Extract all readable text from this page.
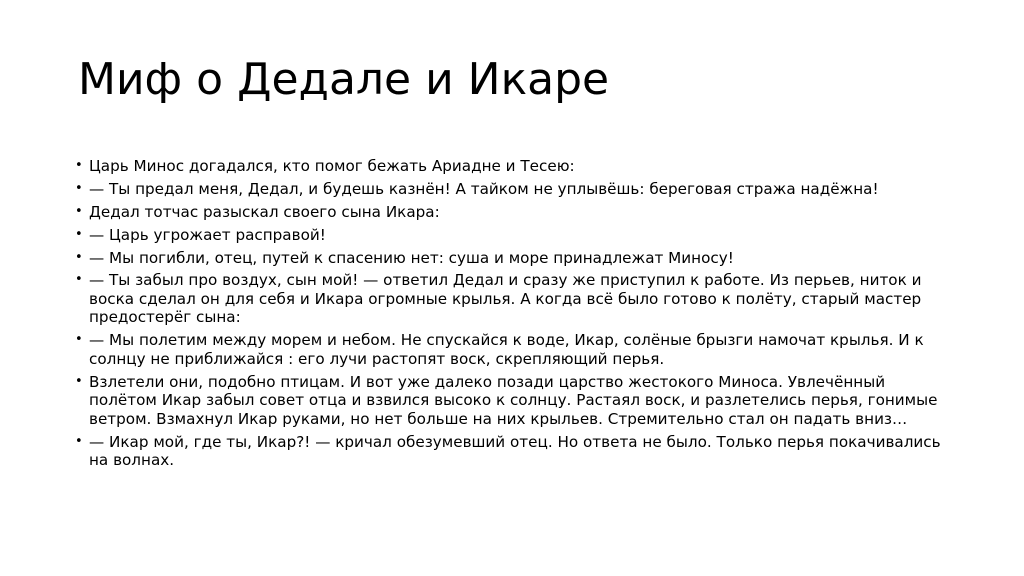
Миф о Дедале и Икаре
• Царь Минос догадался, кто помог бежать Ариадне и Тесею:
• — Ты предал меня, Дедал, и будешь казнён! А тайком не уплывёшь: береговая стража надёжна!
• Дедал тотчас разыскал своего сына Икара:
• — Царь угрожает расправой!
• — Мы погибли, отец, путей к спасению нет: суша и море принадлежат Миносу!
• — Ты забыл про воздух, сын мой! — ответил Дедал и сразу же приступил к работе. Из перьев, ниток и воска сделал он для себя и Икара огромные крылья. А когда всё было готово к полёту, старый мастер предостерёг сына:
• — Мы полетим между морем и небом. Не спускайся к воде, Икар, солёные брызги намочат крылья. И к солнцу не приближайся : его лучи растопят воск, скрепляющий перья.
• Взлетели они, подобно птицам. И вот уже далеко позади царство жестокого Миноса. Увлечённый полётом Икар забыл совет отца и взвился высоко к солнцу. Растаял воск, и разлетелись перья, гонимые ветром. Взмахнул Икар руками, но нет больше на них крыльев. Стремительно стал он падать вниз…
• — Икар мой, где ты, Икар?! — кричал обезумевший отец. Но ответа не было. Только перья покачивались на волнах.
